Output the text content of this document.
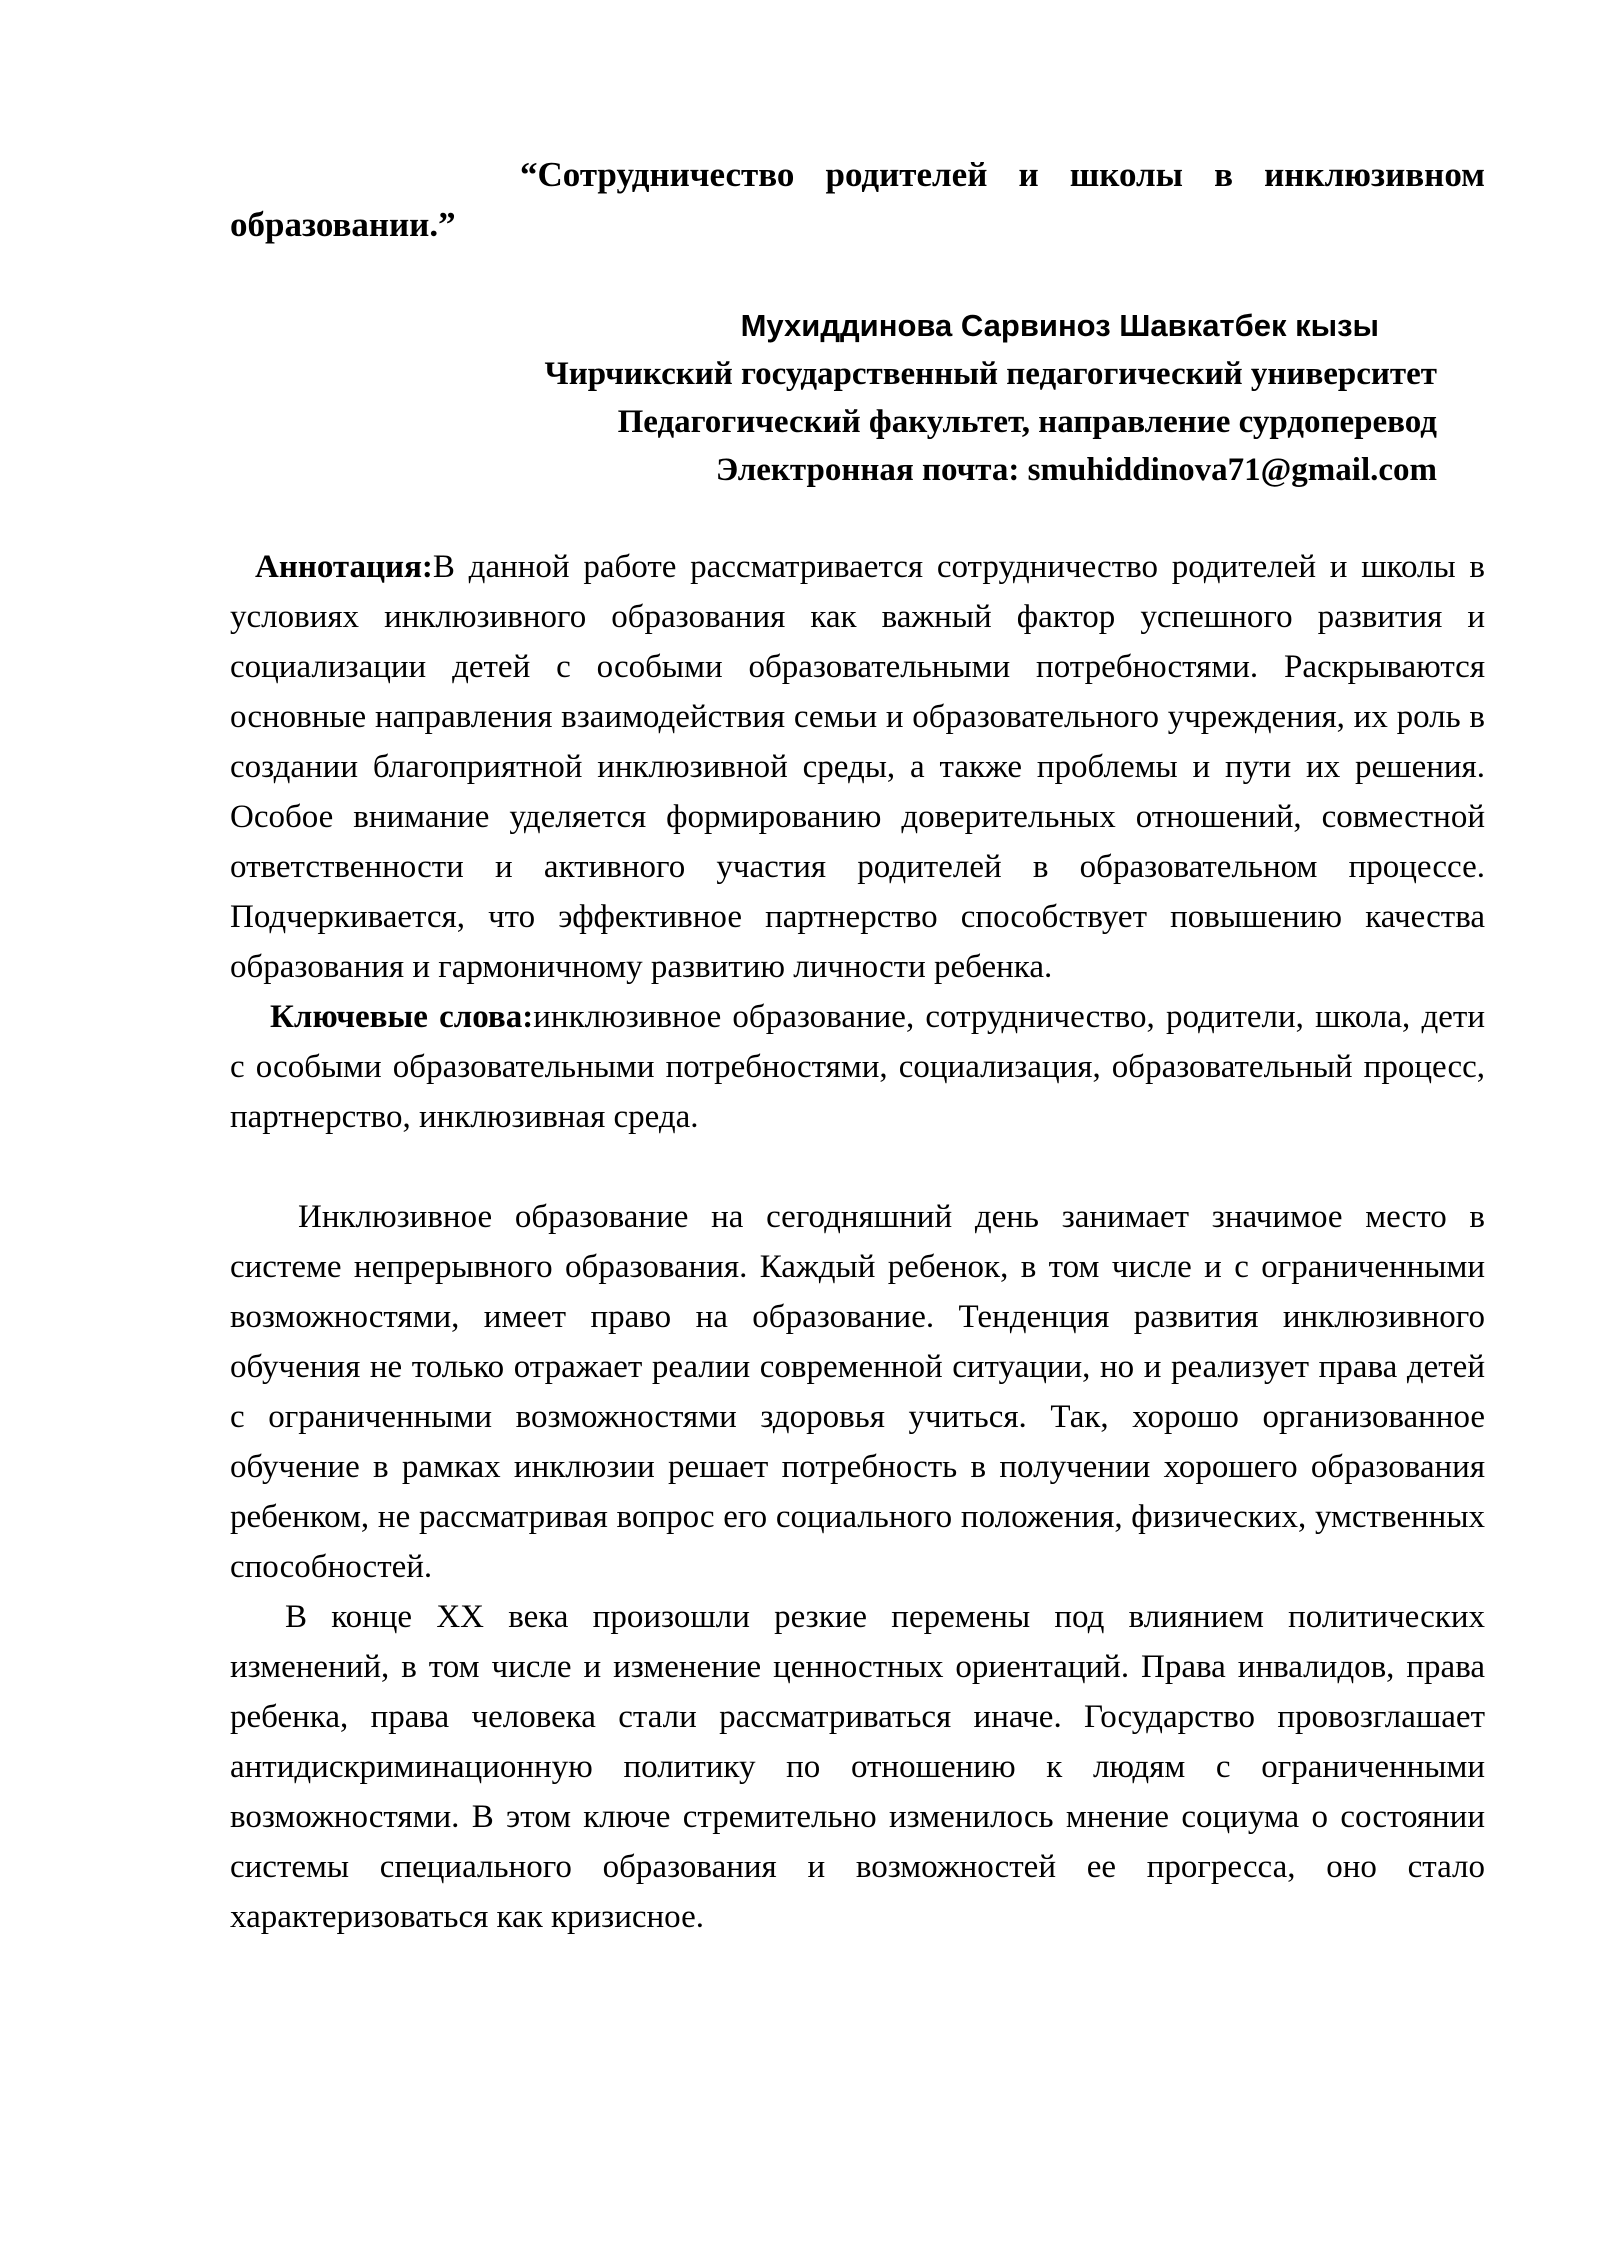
“Сотрудничество родителей и школы в инклюзивном образовании.”
Мухиддинова Сарвиноз Шавкатбек кызы
Чирчикский государственный педагогический университет
Педагогический факультет, направление сурдоперевод
Электронная почта: smuhiddinova71@gmail.com

Аннотация:В данной работе рассматривается сотрудничество родителей и школы в условиях инклюзивного образования как важный фактор успешного развития и социализации детей с особыми образовательными потребностями. Раскрываются основные направления взаимодействия семьи и образовательного учреждения, их роль в создании благоприятной инклюзивной среды, а также проблемы и пути их решения. Особое внимание уделяется формированию доверительных отношений, совместной ответственности и активного участия родителей в образовательном процессе. Подчеркивается, что эффективное партнерство способствует повышению качества образования и гармоничному развитию личности ребенка.

Ключевые слова:инклюзивное образование, сотрудничество, родители, школа, дети с особыми образовательными потребностями, социализация, образовательный процесс, партнерство, инклюзивная среда.

Инклюзивное образование на сегодняшний день занимает значимое место в системе непрерывного образования. Каждый ребенок, в том числе и с ограниченными возможностями, имеет право на образование. Тенденция развития инклюзивного обучения не только отражает реалии современной ситуации, но и реализует права детей с ограниченными возможностями здоровья учиться. Так, хорошо организованное обучение в рамках инклюзии решает потребность в получении хорошего образования ребенком, не рассматривая вопрос его социального положения, физических, умственных способностей.

В конце XX века произошли резкие перемены под влиянием политических изменений, в том числе и изменение ценностных ориентаций. Права инвалидов, права ребенка, права человека стали рассматриваться иначе. Государство провозглашает антидискриминационную политику по отношению к людям с ограниченными возможностями. В этом ключе стремительно изменилось мнение социума о состоянии системы специального образования и возможностей ее прогресса, оно стало характеризоваться как кризисное.
